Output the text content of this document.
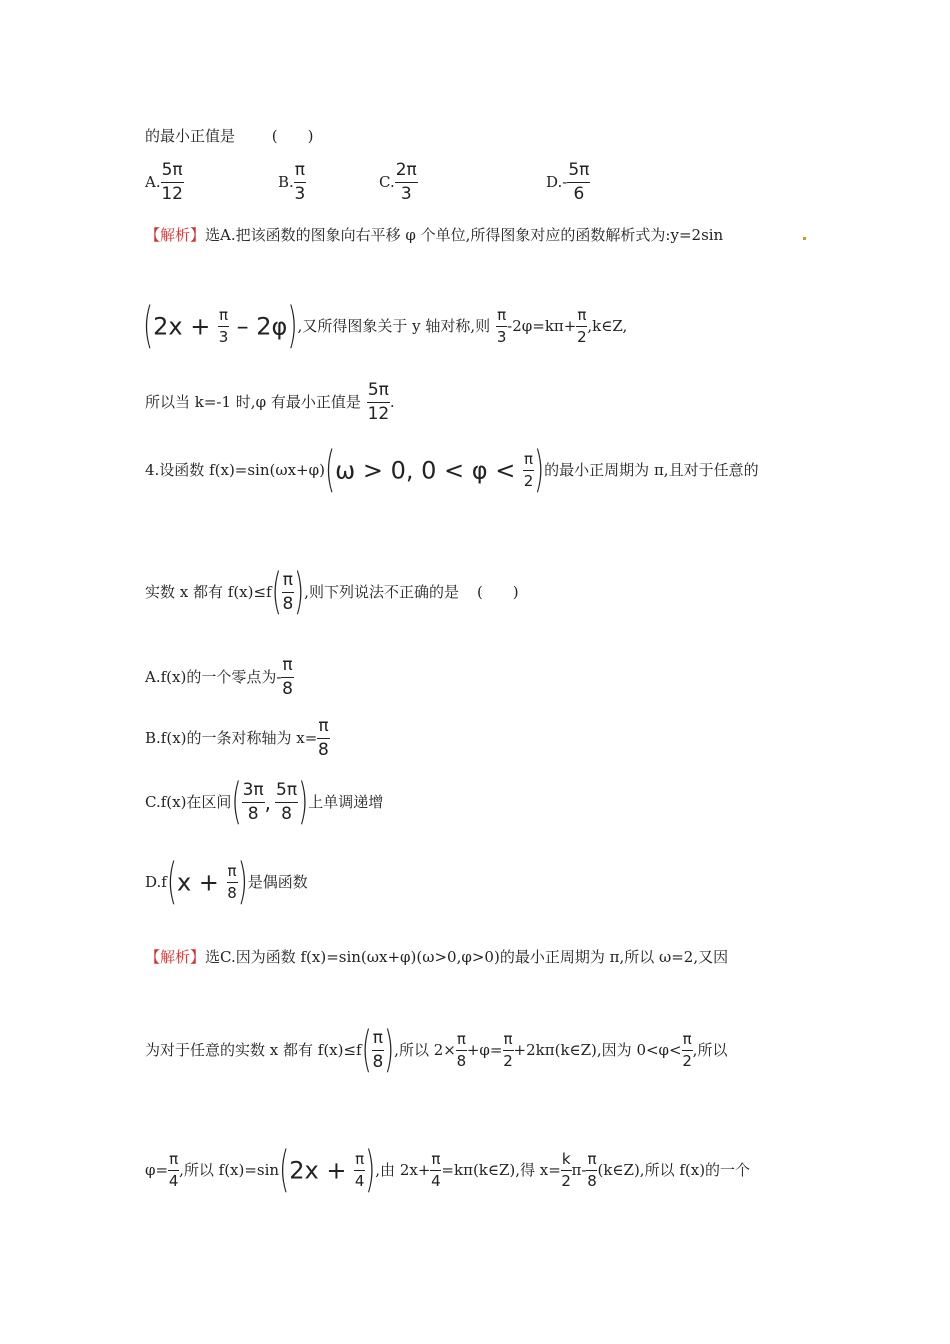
的最小正值是 (　　)
A. $\frac{5\pi}{12}$	B. $\frac{\pi}{3}$	C. $\frac{2\pi}{3}$	$D.- \frac{5\pi}{6}$
【解析】选A.把该函数的图象向右平移 φ 个单位,所得图象对应的函数解析式为:y=2sin
$(2x + \frac{\pi}{3} - 2\varphi)$,又所得图象关于 y 轴对称,则 $\frac{\pi}{3} -2\varphi=k\pi+ \frac{\pi}{2}$ ,k∈Z,
所以当 k=-1 时,φ 有最小正值是 $\frac{5\pi}{12}$ .
4.设函数 f(x)=sin(ωx+φ)(ω > 0, $0 < \varphi < \frac{\pi}{2}$ )的最小正周期为 π,且对于任意的
实数 x 都有 $f(x)\le f( \frac{\pi}{8}$ ),则下列说法不正确的是 (　　)
A.f(x)的一个零点为- $\frac{\pi}{8}$
B.f(x)的一条对称轴为 $x= \frac{\pi}{8}$
C.f(x)在区间( $\frac{3\pi}{8}$ , $\frac{5\pi}{8}$ )上单调递增
$D.f(x + \frac{\pi}{8}$ )是偶函数
【解析】选C.因为函数 f(x)=sin(ωx+φ)(ω>0,φ>0)的最小正周期为 π,所以 ω=2,又因
为对于任意的实数 x 都有 $f(x)\le f( \frac{\pi}{8}$ ),所以 $2\times \frac{\pi}{8} +\varphi= \frac{\pi}{2}$ +2kπ(k∈Z),因为 $0<\varphi< \frac{\pi}{2}$ ,所以
$\varphi= \frac{\pi}{4}$ ,所以 $f(x)=\sin(2x + \frac{\pi}{4}$ ),由 $2x+ \frac{\pi}{4}$ =kπ(k∈Z),得 $x= \frac{k}{2} \pi- \frac{\pi}{8}$ (k∈Z),所以 f(x)的一个
